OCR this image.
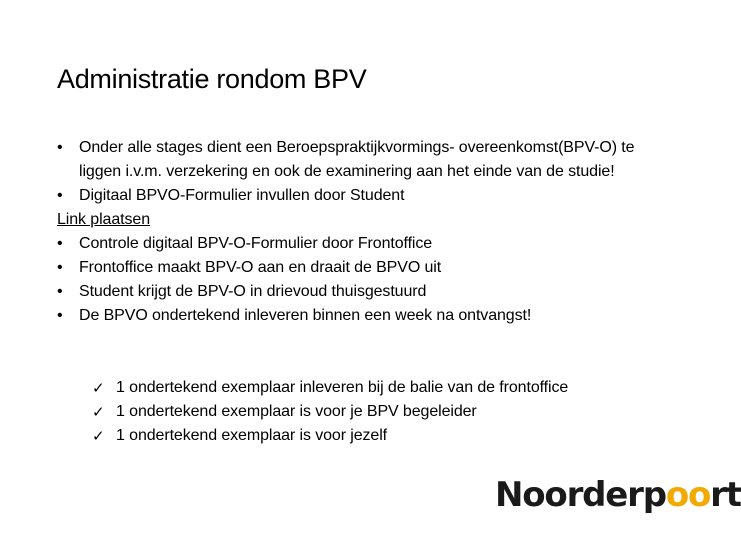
Administratie rondom BPV
• Onder alle stages dient een Beroepspraktijkvormings- overeenkomst(BPV-O) te liggen i.v.m. verzekering en ook de examinering aan het einde van de studie!
• Digitaal BPVO-Formulier invullen door Student
Link plaatsen
• Controle digitaal BPV-O-Formulier door Frontoffice
• Frontoffice maakt BPV-O aan en draait de BPVO uit
• Student krijgt de BPV-O in drievoud thuisgestuurd
• De BPVO ondertekend inleveren binnen een week na ontvangst!
✓ 1 ondertekend exemplaar inleveren bij de balie van de frontoffice
✓ 1 ondertekend exemplaar is voor je BPV begeleider
✓ 1 ondertekend exemplaar is voor jezelf
Noorderp oo rt
